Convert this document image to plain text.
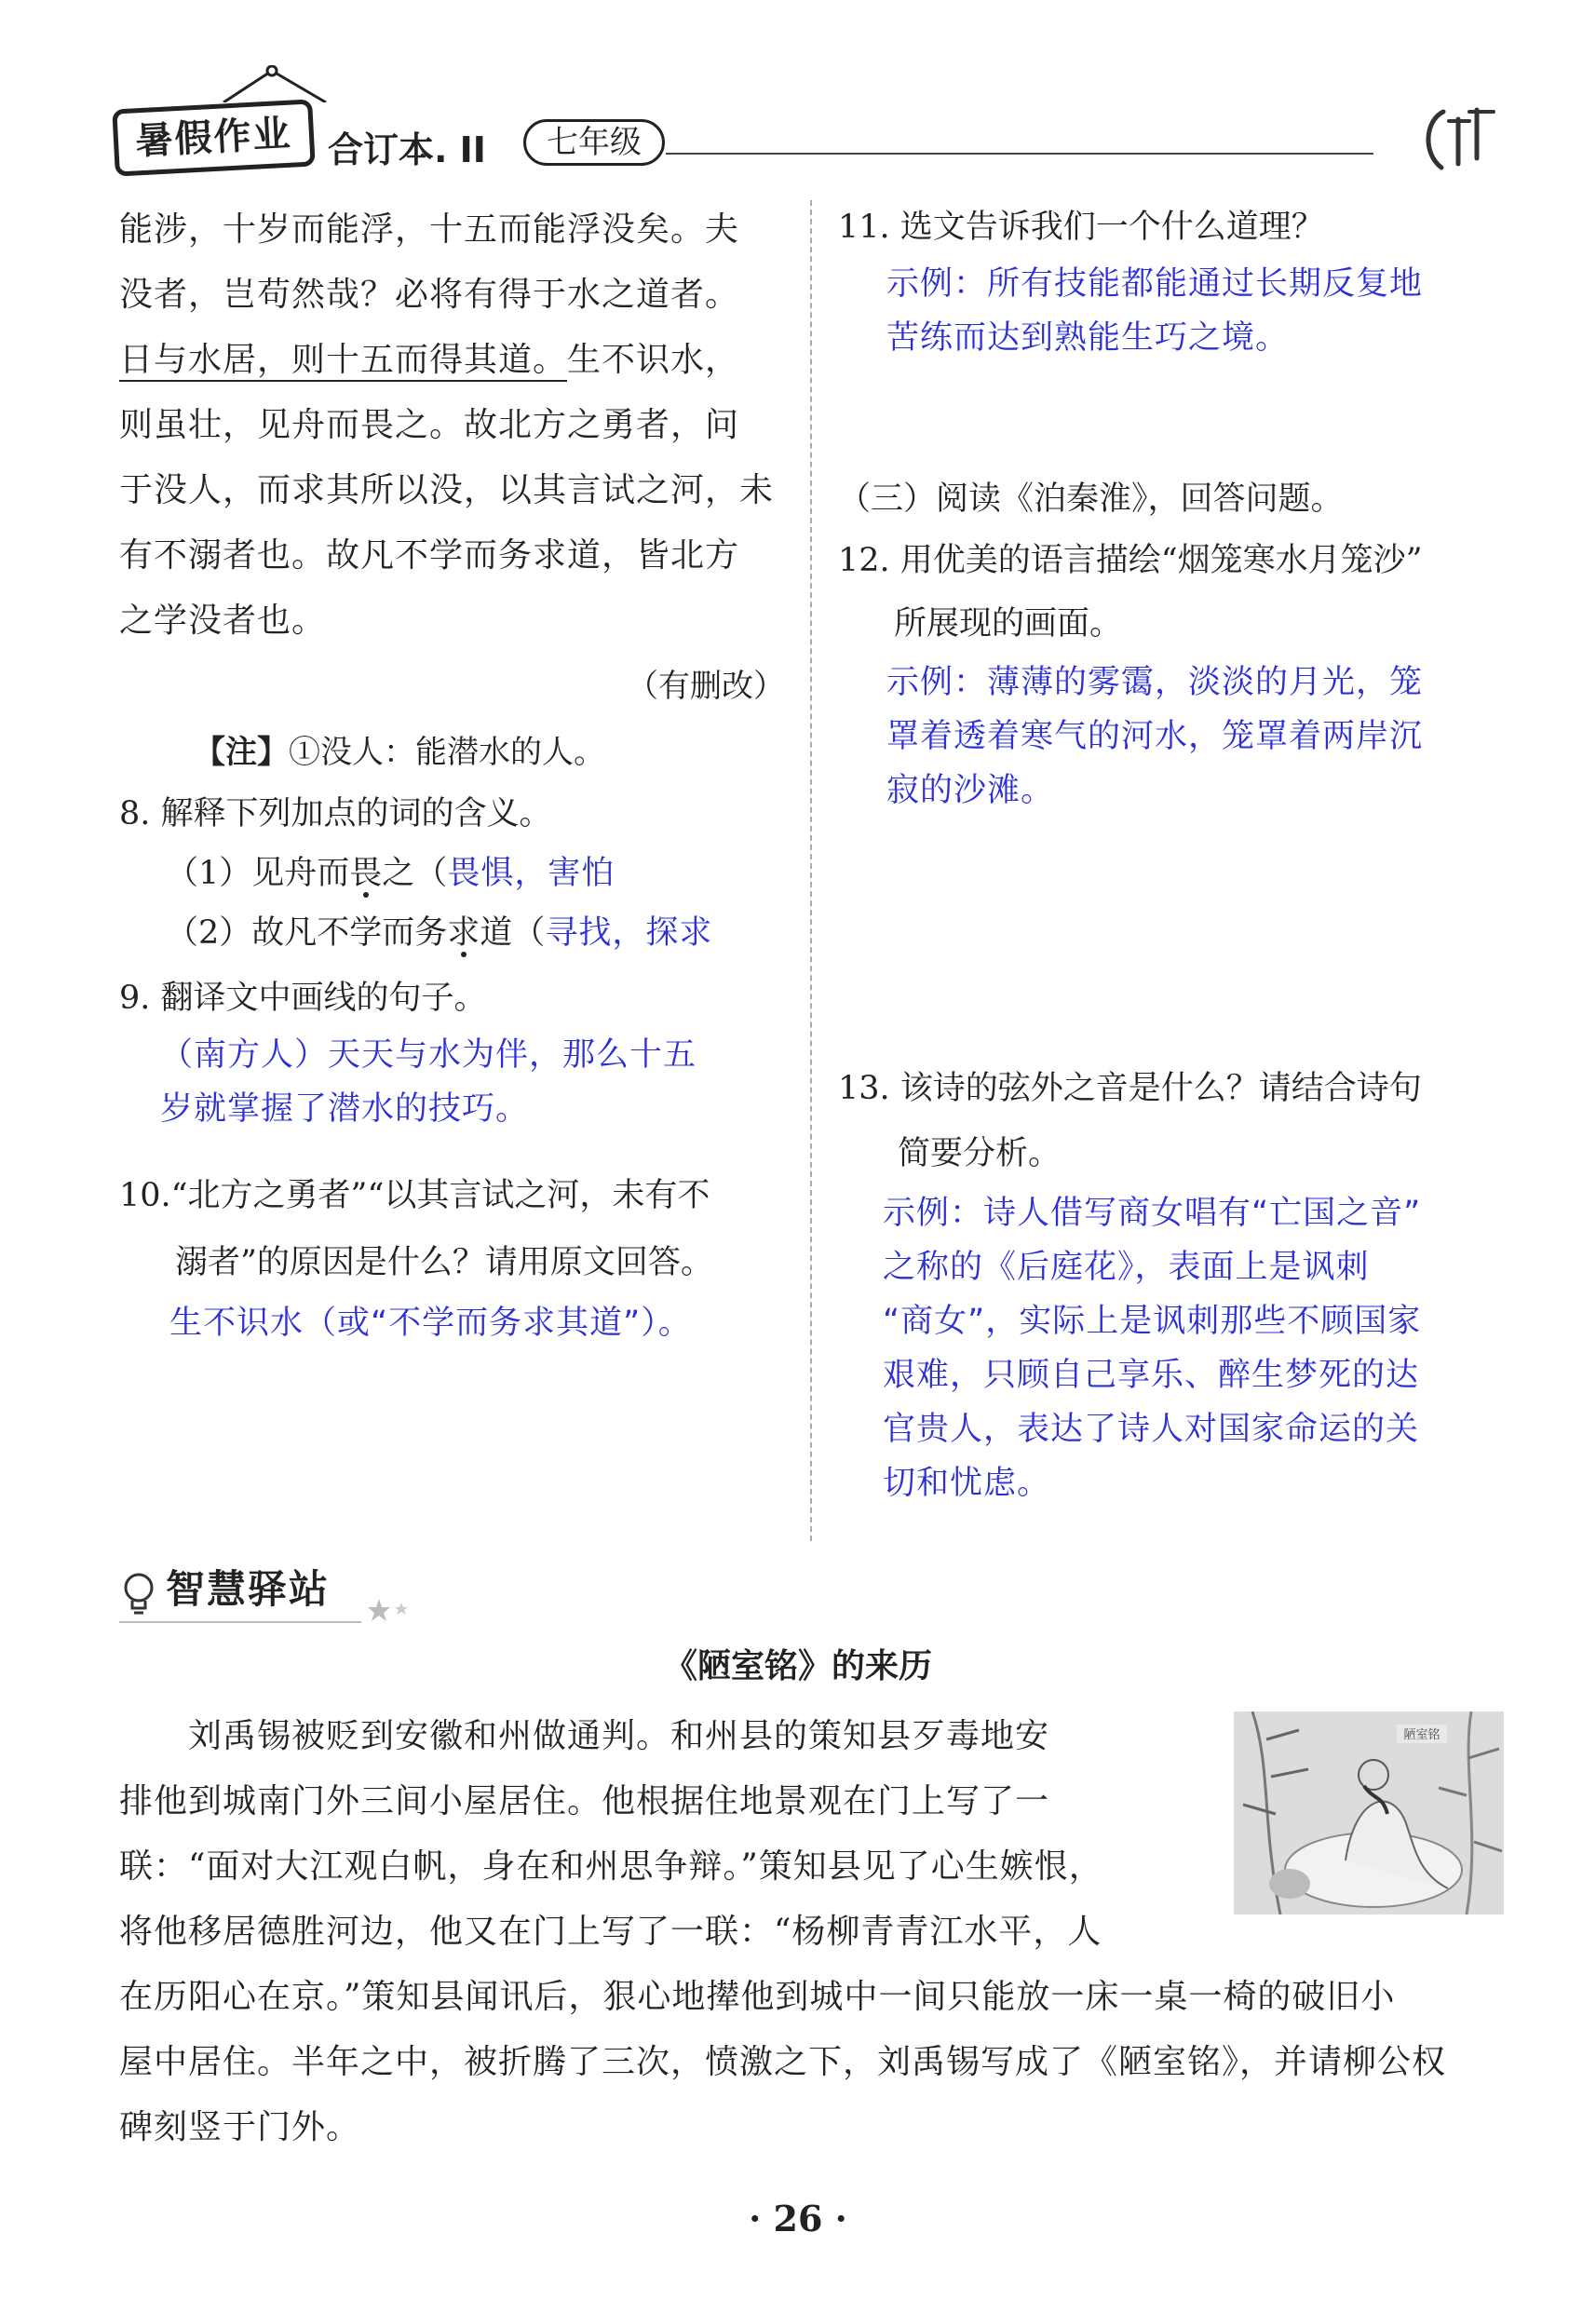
暑假作业 合订本. II	七年级

能涉，十岁而能浮，十五而能浮没矣。夫
没者，岂苟然哉？必将有得于水之道者。
日与水居，则十五而得其道。生不识水，
则虽壮，见舟而畏之。故北方之勇者，问
于没人，而求其所以没，以其言试之河，未
有不溺者也。故凡不学而务求道，皆北方
之学没者也。

（有删改）

【注】①没人：能潜水的人。

8. 解释下列加点的词的含义。
（1）见舟而畏之（畏惧，害怕
（2）故凡不学而务求道（寻找，探求
9. 翻译文中画线的句子。
（南方人）天天与水为伴，那么十五
岁就掌握了潜水的技巧。
10.“北方之勇者”“以其言试之河，未有不
溺者”的原因是什么？请用原文回答。
生不识水（或“不学而务求其道”）。
11. 选文告诉我们一个什么道理？
示例：所有技能都能通过长期反复地
苦练而达到熟能生巧之境。
（三）阅读《泊秦淮》，回答问题。
12. 用优美的语言描绘“烟笼寒水月笼沙”
所展现的画面。
示例：薄薄的雾霭，淡淡的月光，笼
罩着透着寒气的河水，笼罩着两岸沉
寂的沙滩。
13. 该诗的弦外之音是什么？请结合诗句
简要分析。
示例：诗人借写商女唱有“亡国之音”
之称的《后庭花》，表面上是讽刺
“商女”，实际上是讽刺那些不顾国家
艰难，只顾自己享乐、醉生梦死的达
官贵人，表达了诗人对国家命运的关
切和忧虑。
智慧驿站
《陋室铭》的来历
　　刘禹锡被贬到安徽和州做通判。和州县的策知县歹毒地安
排他到城南门外三间小屋居住。他根据住地景观在门上写了一
联：“面对大江观白帆，身在和州思争辩。”策知县见了心生嫉恨，
将他移居德胜河边，他又在门上写了一联：“杨柳青青江水平，人
在历阳心在京。”策知县闻讯后，狠心地撵他到城中一间只能放一床一桌一椅的破旧小
屋中居住。半年之中，被折腾了三次，愤激之下，刘禹锡写成了《陋室铭》，并请柳公权
碑刻竖于门外。
陋室铭
· 26 ·
